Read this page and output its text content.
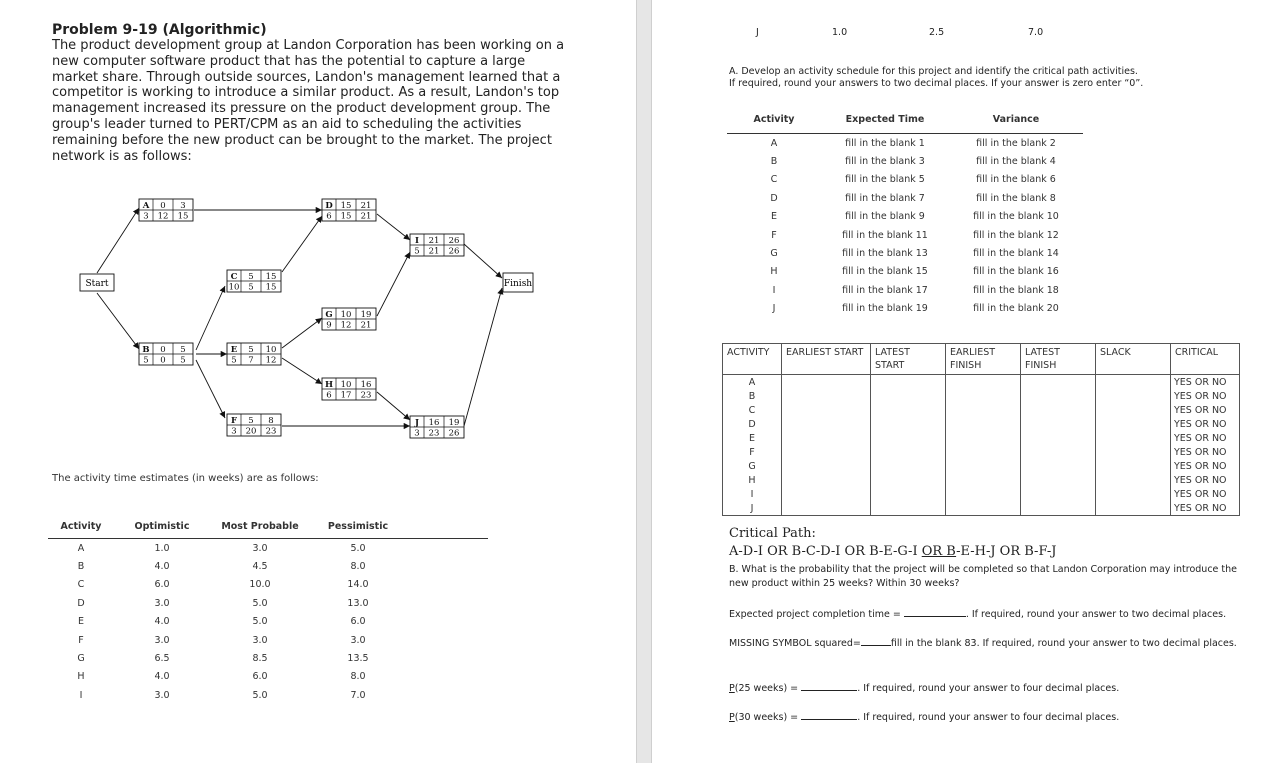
Problem 9-19 (Algorithmic)
The product development group at Landon Corporation has been working on a new computer software product that has the potential to capture a large market share. Through outside sources, Landon's management learned that a competitor is working to introduce a similar product. As a result, Landon's top management increased its pressure on the product development group. The group's leader turned to PERT/CPM as an aid to scheduling the activities remaining before the new product can be brought to the market. The project network is as follows:
Start	Finish
A 0 3
3 12 15
B 0 5
5 0 5
C 5 15
10 5 15
D 15 21
6 15 21
E 5 10
5 7 12
F 5 8
3 20 23
G 10 19
9 12 21
H 10 16
6 17 23
I 21 26
5 21 26
J 16 19
3 23 26
The activity time estimates (in weeks) are as follows:
Activity	Optimistic	Most Probable	Pessimistic	
A	1.0	3.0	5.0	
B	4.0	4.5	8.0	
C	6.0	10.0	14.0	
D	3.0	5.0	13.0	
E	4.0	5.0	6.0	
F	3.0	3.0	3.0	
G	6.5	8.5	13.5	
H	4.0	6.0	8.0	
I	3.0	5.0	7.0	
J	1.0	2.5	7.0
A. Develop an activity schedule for this project and identify the critical path activities.
If required, round your answers to two decimal places. If your answer is zero enter “0”.
Activity	Expected Time	Variance
A	fill in the blank 1	fill in the blank 2
B	fill in the blank 3	fill in the blank 4
C	fill in the blank 5	fill in the blank 6
D	fill in the blank 7	fill in the blank 8
E	fill in the blank 9	fill in the blank 10
F	fill in the blank 11	fill in the blank 12
G	fill in the blank 13	fill in the blank 14
H	fill in the blank 15	fill in the blank 16
I	fill in the blank 17	fill in the blank 18
J	fill in the blank 19	fill in the blank 20
ACTIVITY	EARLIEST START	LATEST START	EARLIEST FINISH	LATEST FINISH	SLACK	CRITICAL
A						YES OR NO
B						YES OR NO
C						YES OR NO
D						YES OR NO
E						YES OR NO
F						YES OR NO
G						YES OR NO
H						YES OR NO
I						YES OR NO
J						YES OR NO
Critical Path:
A-D-I OR B-C-D-I OR B-E-G-I OR B-E-H-J OR B-F-J
B. What is the probability that the project will be completed so that Landon Corporation may introduce the new product within 25 weeks? Within 30 weeks?
Expected project completion time =	. If required, round your answer to two decimal places.
MISSING SYMBOL squared=	fill in the blank 83. If required, round your answer to two decimal places.
P(25 weeks) =	. If required, round your answer to four decimal places.
P(30 weeks) =	. If required, round your answer to four decimal places.
